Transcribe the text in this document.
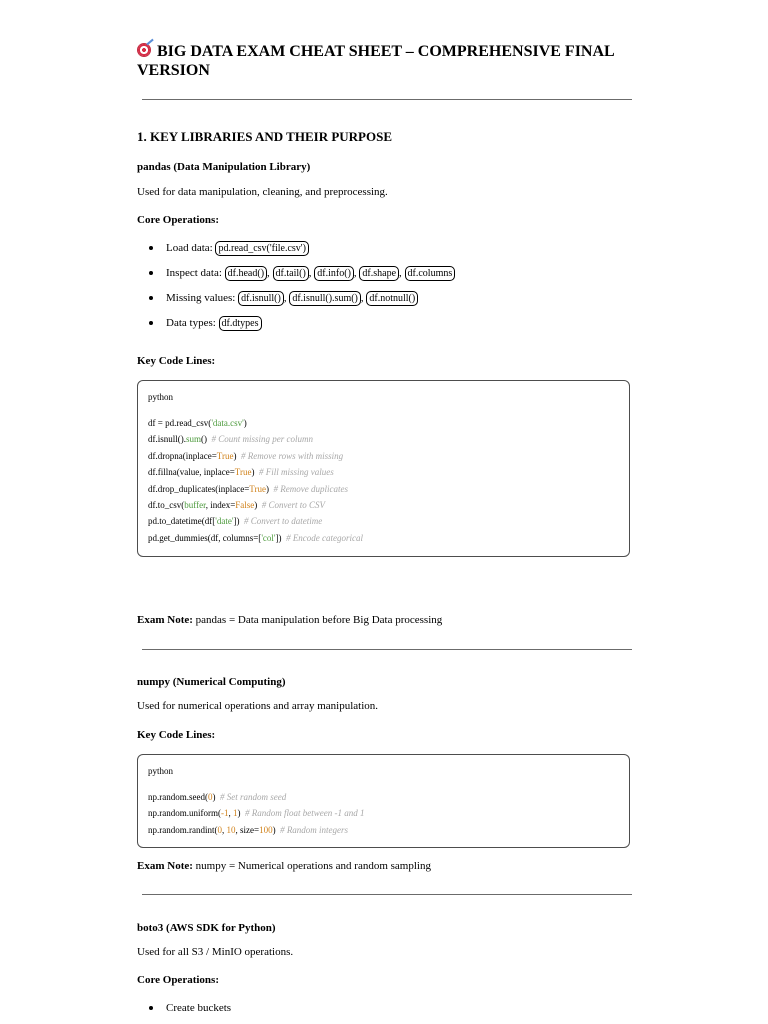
BIG DATA EXAM CHEAT SHEET – COMPREHENSIVE FINAL VERSION
1. KEY LIBRARIES AND THEIR PURPOSE
pandas (Data Manipulation Library)
Used for data manipulation, cleaning, and preprocessing.
Core Operations:
Load data: pd.read_csv('file.csv')
Inspect data: df.head() , df.tail() , df.info() , df.shape , df.columns
Missing values: df.isnull() , df.isnull().sum() , df.notnull()
Data types: df.dtypes
Key Code Lines:
python
df = pd.read_csv('data.csv')
df.isnull().sum()  # Count missing per column
df.dropna(inplace=True)  # Remove rows with missing
df.fillna(value, inplace=True)  # Fill missing values
df.drop_duplicates(inplace=True)  # Remove duplicates
df.to_csv(buffer, index=False)  # Convert to CSV
pd.to_datetime(df['date'])  # Convert to datetime
pd.get_dummies(df, columns=['col'])  # Encode categorical
Exam Note: pandas = Data manipulation before Big Data processing
numpy (Numerical Computing)
Used for numerical operations and array manipulation.
Key Code Lines:
python
np.random.seed(0)  # Set random seed
np.random.uniform(-1, 1)  # Random float between -1 and 1
np.random.randint(0, 10, size=100)  # Random integers
Exam Note: numpy = Numerical operations and random sampling
boto3 (AWS SDK for Python)
Used for all S3 / MinIO operations.
Core Operations:
Create buckets
